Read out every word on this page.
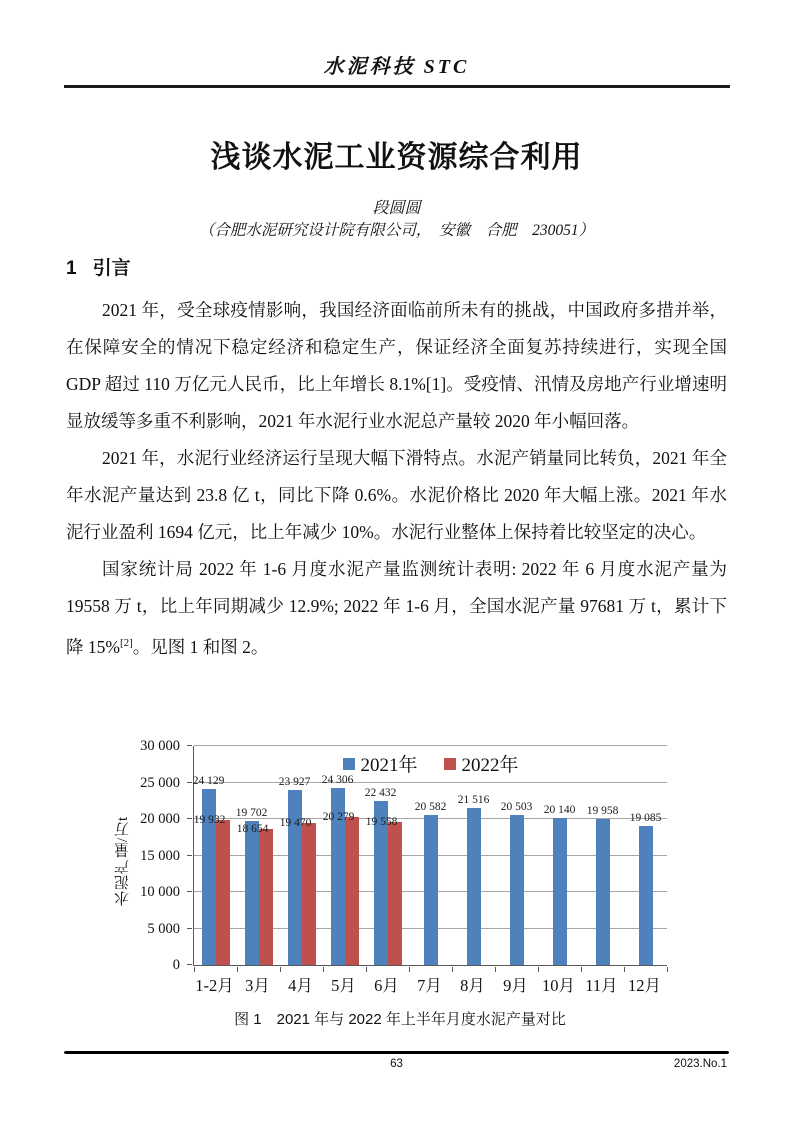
水泥科技 STC
浅谈水泥工业资源综合利用
段圆圆
（合肥水泥研究设计院有限公司，　安徽　合肥　230051）
1 引言

2021 年，受全球疫情影响，我国经济面临前所未有的挑战，中国政府多措并举，在保障安全的情况下稳定经济和稳定生产，保证经济全面复苏持续进行，实现全国 GDP 超过 110 万亿元人民币，比上年增长 8.1%[1]。受疫情、汛情及房地产行业增速明显放缓等多重不利影响，2021 年水泥行业水泥总产量较 2020 年小幅回落。

2021 年，水泥行业经济运行呈现大幅下滑特点。水泥产销量同比转负，2021 年全年水泥产量达到 23.8 亿 t，同比下降 0.6%。水泥价格比 2020 年大幅上涨。2021 年水泥行业盈利 1694 亿元，比上年减少 10%。水泥行业整体上保持着比较坚定的决心。

国家统计局 2022 年 1-6 月度水泥产量监测统计表明: 2022 年 6 月度水泥产量为 19558 万 t，比上年同期减少 12.9%; 2022 年 1-6 月，全国水泥产量 97681 万 t，累计下降 15%[2]。见图 1 和图 2。

水泥产量/万t
30 000
25 000
20 000
15 000
10 000
5 000
0
24 129
19 932
19 702
18 654
23 927
19 470
24 306
20 279
22 432
19 558
20 582
21 516
20 503 20 140 19 958
19 085
2021年 2022年
1-2月 3月	4月	5月	6月	7月	8月	9月 10月 11月 12月
图 1　2021 年与 2022 年上半年月度水泥产量对比
63	2023.No.1
